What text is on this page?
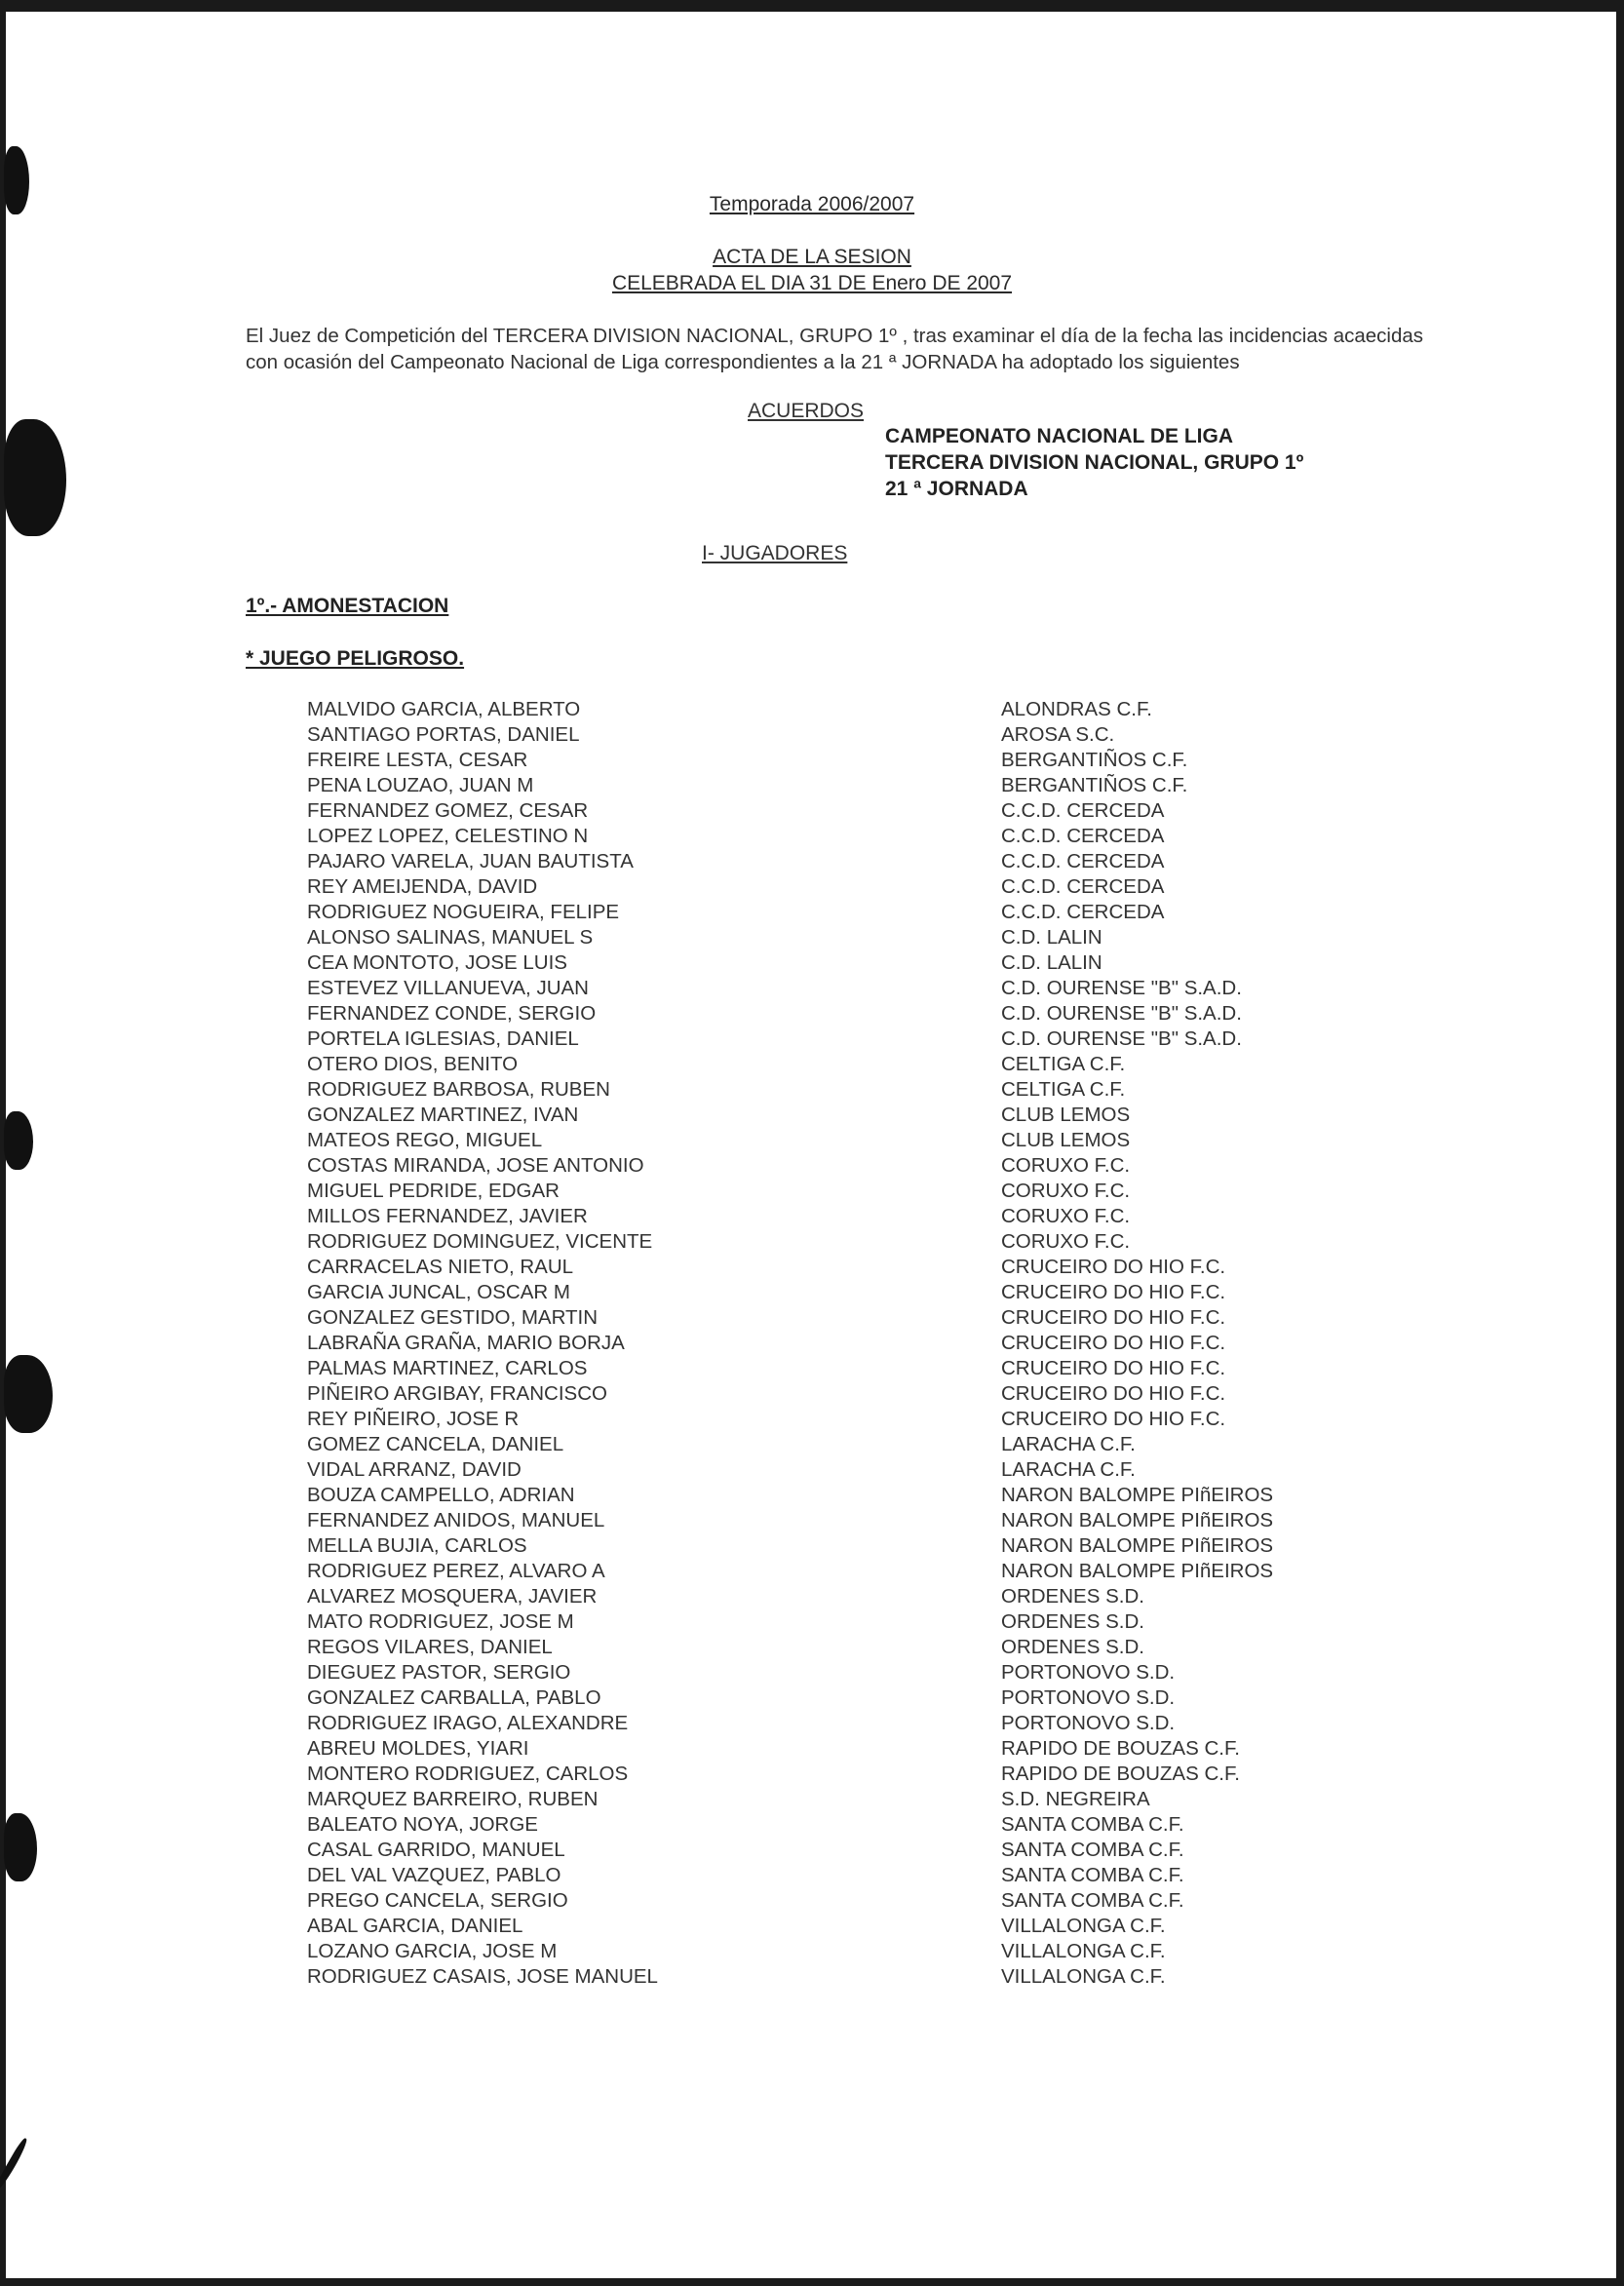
Temporada 2006/2007
ACTA DE LA SESION
CELEBRADA EL DIA 31 DE Enero DE 2007
El Juez de Competición del TERCERA DIVISION NACIONAL, GRUPO 1º , tras examinar el día de la fecha las incidencias acaecidas con ocasión del Campeonato Nacional de Liga correspondientes a la 21 ª JORNADA ha adoptado los siguientes
ACUERDOS
CAMPEONATO NACIONAL DE LIGA
TERCERA DIVISION NACIONAL, GRUPO 1º
21 ª JORNADA
I- JUGADORES
1º.- AMONESTACION
* JUEGO PELIGROSO.
MALVIDO GARCIA, ALBERTO	ALONDRAS C.F.
SANTIAGO PORTAS, DANIEL	AROSA S.C.
FREIRE LESTA, CESAR	BERGANTIÑOS C.F.
PENA LOUZAO, JUAN M	BERGANTIÑOS C.F.
FERNANDEZ GOMEZ, CESAR	C.C.D. CERCEDA
LOPEZ LOPEZ, CELESTINO N	C.C.D. CERCEDA
PAJARO VARELA, JUAN BAUTISTA	C.C.D. CERCEDA
REY AMEIJENDA, DAVID	C.C.D. CERCEDA
RODRIGUEZ NOGUEIRA, FELIPE	C.C.D. CERCEDA
ALONSO SALINAS, MANUEL S	C.D. LALIN
CEA MONTOTO, JOSE LUIS	C.D. LALIN
ESTEVEZ VILLANUEVA, JUAN	C.D. OURENSE "B" S.A.D.
FERNANDEZ CONDE, SERGIO	C.D. OURENSE "B" S.A.D.
PORTELA IGLESIAS, DANIEL	C.D. OURENSE "B" S.A.D.
OTERO DIOS, BENITO	CELTIGA C.F.
RODRIGUEZ BARBOSA, RUBEN	CELTIGA C.F.
GONZALEZ MARTINEZ, IVAN	CLUB LEMOS
MATEOS REGO, MIGUEL	CLUB LEMOS
COSTAS MIRANDA, JOSE ANTONIO	CORUXO F.C.
MIGUEL PEDRIDE, EDGAR	CORUXO F.C.
MILLOS FERNANDEZ, JAVIER	CORUXO F.C.
RODRIGUEZ DOMINGUEZ, VICENTE	CORUXO F.C.
CARRACELAS NIETO, RAUL	CRUCEIRO DO HIO F.C.
GARCIA JUNCAL, OSCAR M	CRUCEIRO DO HIO F.C.
GONZALEZ GESTIDO, MARTIN	CRUCEIRO DO HIO F.C.
LABRAÑA GRAÑA, MARIO BORJA	CRUCEIRO DO HIO F.C.
PALMAS MARTINEZ, CARLOS	CRUCEIRO DO HIO F.C.
PIÑEIRO ARGIBAY, FRANCISCO	CRUCEIRO DO HIO F.C.
REY PIÑEIRO, JOSE R	CRUCEIRO DO HIO F.C.
GOMEZ CANCELA, DANIEL	LARACHA C.F.
VIDAL ARRANZ, DAVID	LARACHA C.F.
BOUZA CAMPELLO, ADRIAN	NARON BALOMPE PIñEIROS
FERNANDEZ ANIDOS, MANUEL	NARON BALOMPE PIñEIROS
MELLA BUJIA, CARLOS	NARON BALOMPE PIñEIROS
RODRIGUEZ PEREZ, ALVARO A	NARON BALOMPE PIñEIROS
ALVAREZ MOSQUERA, JAVIER	ORDENES S.D.
MATO RODRIGUEZ, JOSE M	ORDENES S.D.
REGOS VILARES, DANIEL	ORDENES S.D.
DIEGUEZ PASTOR, SERGIO	PORTONOVO S.D.
GONZALEZ CARBALLA, PABLO	PORTONOVO S.D.
RODRIGUEZ IRAGO, ALEXANDRE	PORTONOVO S.D.
ABREU MOLDES, YIARI	RAPIDO DE BOUZAS C.F.
MONTERO RODRIGUEZ, CARLOS	RAPIDO DE BOUZAS C.F.
MARQUEZ BARREIRO, RUBEN	S.D. NEGREIRA
BALEATO NOYA, JORGE	SANTA COMBA C.F.
CASAL GARRIDO, MANUEL	SANTA COMBA C.F.
DEL VAL VAZQUEZ, PABLO	SANTA COMBA C.F.
PREGO CANCELA, SERGIO	SANTA COMBA C.F.
ABAL GARCIA, DANIEL	VILLALONGA C.F.
LOZANO GARCIA, JOSE M	VILLALONGA C.F.
RODRIGUEZ CASAIS, JOSE MANUEL	VILLALONGA C.F.
